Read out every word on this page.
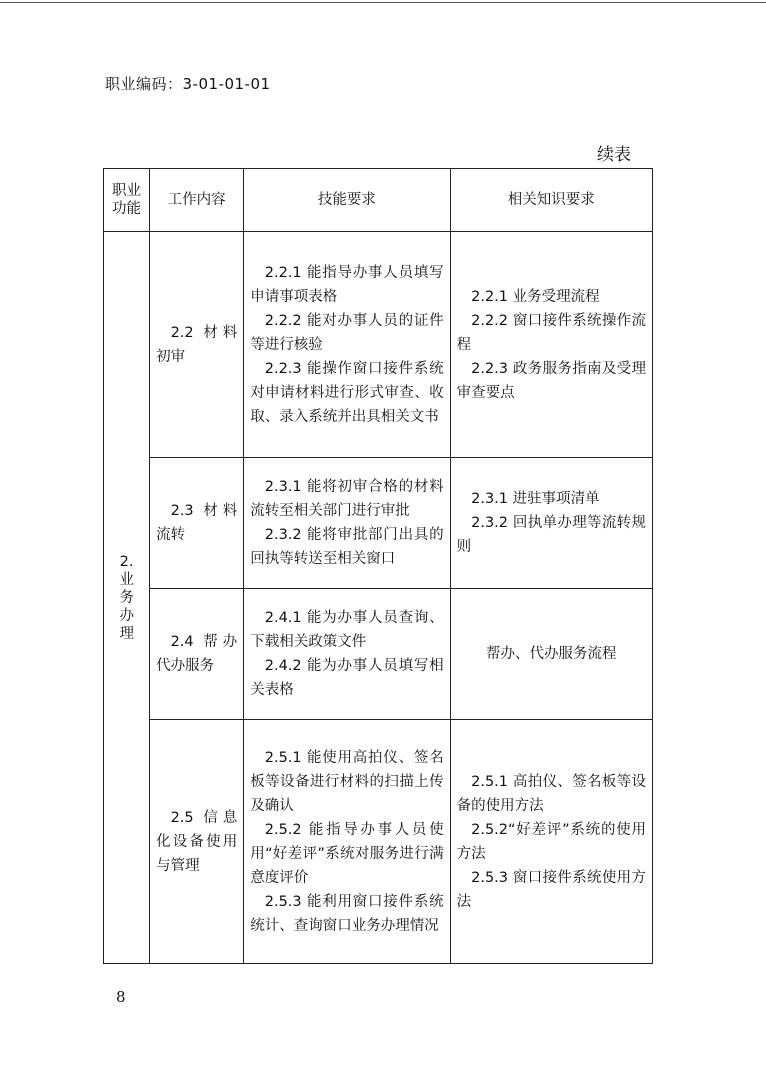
职业编码：3-01-01-01
续表
职业功能	工作内容	技能要求	相关知识要求

2.业务办理	2.2 材料初审	2.2.1 能指导办事人员填写申请事项表格
2.2.2 能对办事人员的证件等进行核验
2.2.3 能操作窗口接件系统对申请材料进行形式审查、收取、录入系统并出具相关文书	2.2.1 业务受理流程
2.2.2 窗口接件系统操作流程
2.2.3 政务服务指南及受理审查要点

	2.3 材料流转	2.3.1 能将初审合格的材料流转至相关部门进行审批
2.3.2 能将审批部门出具的回执等转送至相关窗口	2.3.1 进驻事项清单
2.3.2 回执单办理等流转规则

	2.4 帮办代办服务	2.4.1 能为办事人员查询、下载相关政策文件
2.4.2 能为办事人员填写相关表格	帮办、代办服务流程

	2.5 信息化设备使用与管理	2.5.1 能使用高拍仪、签名板等设备进行材料的扫描上传及确认
2.5.2 能指导办事人员使用“好差评”系统对服务进行满意度评价
2.5.3 能利用窗口接件系统统计、查询窗口业务办理情况	2.5.1 高拍仪、签名板等设备的使用方法
2.5.2“好差评”系统的使用方法
2.5.3 窗口接件系统使用方法
8
